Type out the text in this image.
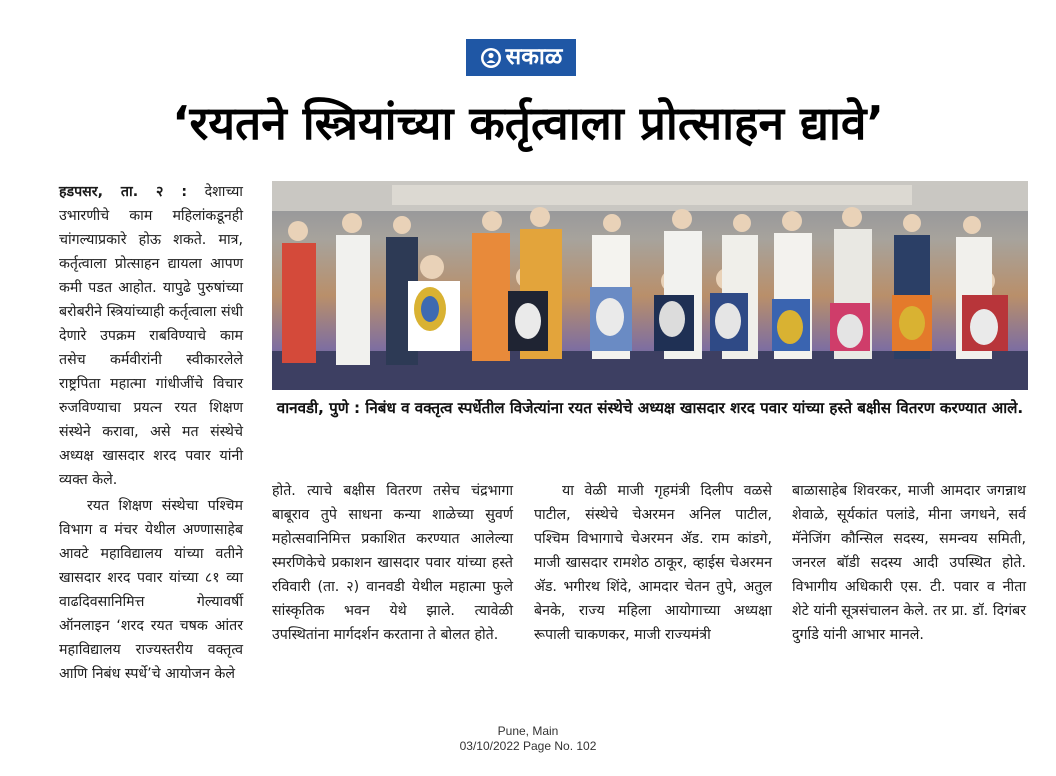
सकाळ
‘रयतने स्त्रियांच्या कर्तृत्वाला प्रोत्साहन द्यावे’

हडपसर, ता. २ : देशाच्या उभारणीचे काम महिलांकडूनही चांगल्याप्रकारे होऊ शकते. मात्र, कर्तृत्वाला प्रोत्साहन द्यायला आपण कमी पडत आहोत. यापुढे पुरुषांच्या बरोबरीने स्त्रियांच्याही कर्तृत्वाला संधी देणारे उपक्रम राबविण्याचे काम तसेच कर्मवीरांनी स्वीकारलेले राष्ट्रपिता महात्मा गांधीजींचे विचार रुजविण्याचा प्रयत्न रयत शिक्षण संस्थेने करावा, असे मत संस्थेचे अध्यक्ष खासदार शरद पवार यांनी व्यक्त केले.

रयत शिक्षण संस्थेचा पश्चिम विभाग व मंचर येथील अण्णासाहेब आवटे महाविद्यालय यांच्या वतीने खासदार शरद पवार यांच्या ८१ व्या वाढदिवसानिमित्त गेल्यावर्षी ऑनलाइन ‘शरद रयत चषक आंतर महाविद्यालय राज्यस्तरीय वक्तृत्व आणि निबंध स्पर्धे’चे आयोजन केले

वानवडी, पुणे : निबंध व वक्तृत्व स्पर्धेतील विजेत्यांना रयत संस्थेचे अध्यक्ष खासदार शरद पवार यांच्या हस्ते बक्षीस वितरण करण्यात आले.

होते. त्याचे बक्षीस वितरण तसेच चंद्रभागा बाबूराव तुपे साधना कन्या शाळेच्या सुवर्ण महोत्सवानिमित्त प्रकाशित करण्यात आलेल्या स्मरणिकेचे प्रकाशन खासदार पवार यांच्या हस्ते रविवारी (ता. २) वानवडी येथील महात्मा फुले सांस्कृतिक भवन येथे झाले. त्यावेळी उपस्थितांना मार्गदर्शन करताना ते बोलत होते.

या वेळी माजी गृहमंत्री दिलीप वळसे पाटील, संस्थेचे चेअरमन अनिल पाटील, पश्चिम विभागाचे चेअरमन ॲड. राम कांडगे, माजी खासदार रामशेठ ठाकूर, व्हाईस चेअरमन ॲड. भगीरथ शिंदे, आमदार चेतन तुपे, अतुल बेनके, राज्य महिला आयोगाच्या अध्यक्षा रूपाली चाकणकर, माजी राज्यमंत्री

बाळासाहेब शिवरकर, माजी आमदार जगन्नाथ शेवाळे, सूर्यकांत पलांडे, मीना जगधने, सर्व मॅनेजिंग कौन्सिल सदस्य, समन्वय समिती, जनरल बॉडी सदस्य आदी उपस्थित होते. विभागीय अधिकारी एस. टी. पवार व नीता शेटे यांनी सूत्रसंचालन केले. तर प्रा. डॉ. दिगंबर दुर्गाडे यांनी आभार मानले.

Pune, Main
03/10/2022 Page No. 102
